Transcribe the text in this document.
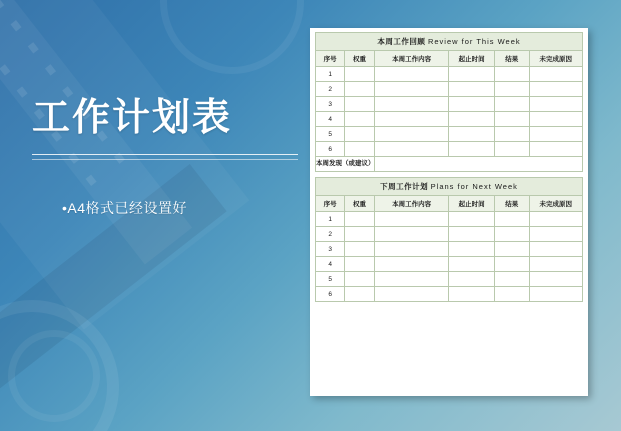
工作计划表
•A4格式已经设置好
本周工作回顾 Review for This Week
序号	权重	本周工作内容	起止时间	结果	未完成原因
1					
2					
3					
4					
5					
6					
本周发现（或建议）					
下周工作计划 Plans for Next Week
序号	权重	本周工作内容	起止时间	结果	未完成原因
1					
2					
3					
4					
5					
6					
